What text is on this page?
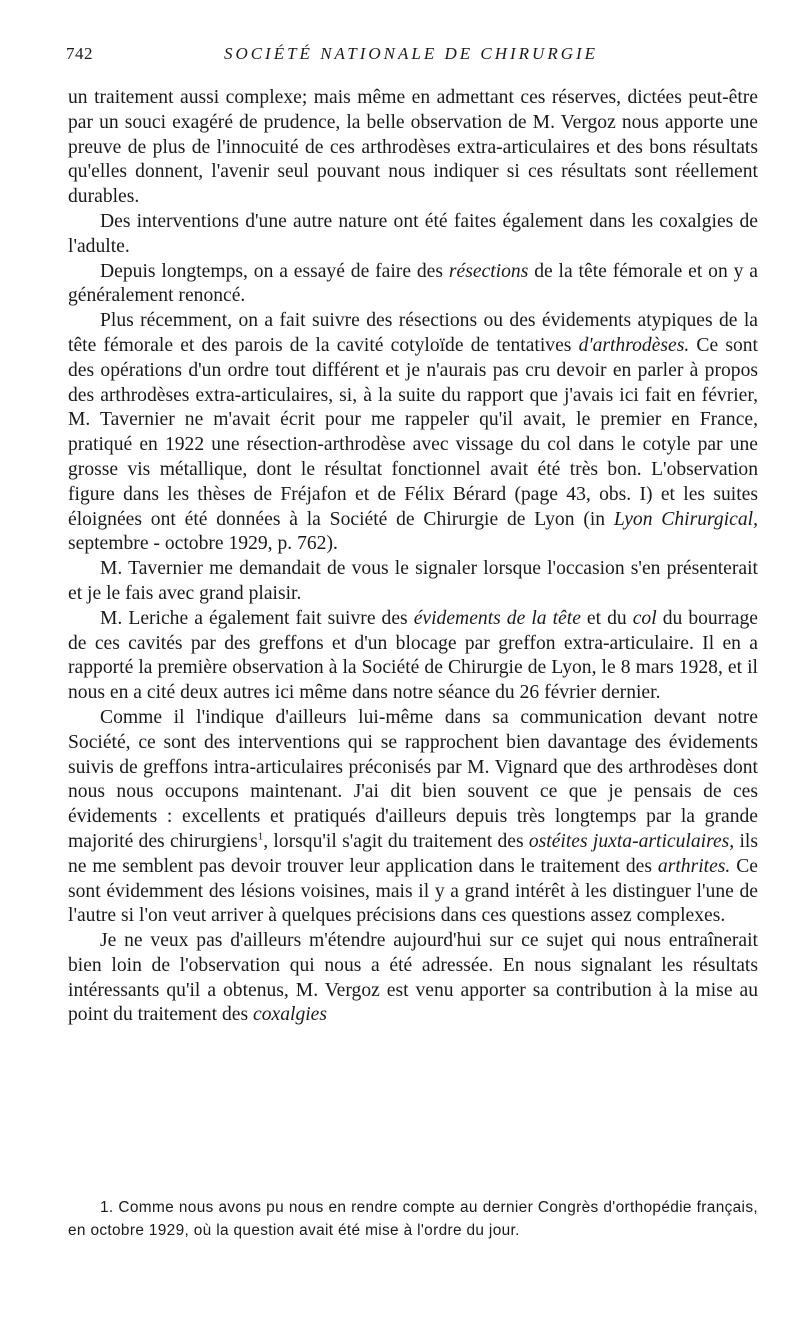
742	SOCIÉTÉ NATIONALE DE CHIRURGIE

un traitement aussi complexe; mais même en admettant ces réserves, dictées peut-être par un souci exagéré de prudence, la belle observation de M. Vergoz nous apporte une preuve de plus de l'innocuité de ces arthrodèses extra-articulaires et des bons résultats qu'elles donnent, l'avenir seul pouvant nous indiquer si ces résultats sont réellement durables.

Des interventions d'une autre nature ont été faites également dans les coxalgies de l'adulte.

Depuis longtemps, on a essayé de faire des résections de la tête fémorale et on y a généralement renoncé.

Plus récemment, on a fait suivre des résections ou des évidements atypiques de la tête fémorale et des parois de la cavité cotyloïde de tentatives d'arthrodèses. Ce sont des opérations d'un ordre tout différent et je n'aurais pas cru devoir en parler à propos des arthrodèses extra-articulaires, si, à la suite du rapport que j'avais ici fait en février, M. Tavernier ne m'avait écrit pour me rappeler qu'il avait, le premier en France, pratiqué en 1922 une résection-arthrodèse avec vissage du col dans le cotyle par une grosse vis métallique, dont le résultat fonctionnel avait été très bon. L'observation figure dans les thèses de Fréjafon et de Félix Bérard (page 43, obs. I) et les suites éloignées ont été données à la Société de Chirurgie de Lyon (in Lyon Chirurgical, septembre - octobre 1929, p. 762).

M. Tavernier me demandait de vous le signaler lorsque l'occasion s'en présenterait et je le fais avec grand plaisir.

M. Leriche a également fait suivre des évidements de la tête et du col du bourrage de ces cavités par des greffons et d'un blocage par greffon extra-articulaire. Il en a rapporté la première observation à la Société de Chirurgie de Lyon, le 8 mars 1928, et il nous en a cité deux autres ici même dans notre séance du 26 février dernier.

Comme il l'indique d'ailleurs lui-même dans sa communication devant notre Société, ce sont des interventions qui se rapprochent bien davantage des évidements suivis de greffons intra-articulaires préconisés par M. Vignard que des arthrodèses dont nous nous occupons maintenant. J'ai dit bien souvent ce que je pensais de ces évidements : excellents et pratiqués d'ailleurs depuis très longtemps par la grande majorité des chirurgiens$^1$, lorsqu'il s'agit du traitement des ostéites juxta-articulaires, ils ne me semblent pas devoir trouver leur application dans le traitement des arthrites. Ce sont évidemment des lésions voisines, mais il y a grand intérêt à les distinguer l'une de l'autre si l'on veut arriver à quelques précisions dans ces questions assez complexes.

Je ne veux pas d'ailleurs m'étendre aujourd'hui sur ce sujet qui nous entraînerait bien loin de l'observation qui nous a été adressée. En nous signalant les résultats intéressants qu'il a obtenus, M. Vergoz est venu apporter sa contribution à la mise au point du traitement des coxalgies

1. Comme nous avons pu nous en rendre compte au dernier Congrès d'orthopédie français, en octobre 1929, où la question avait été mise à l'ordre du jour.
